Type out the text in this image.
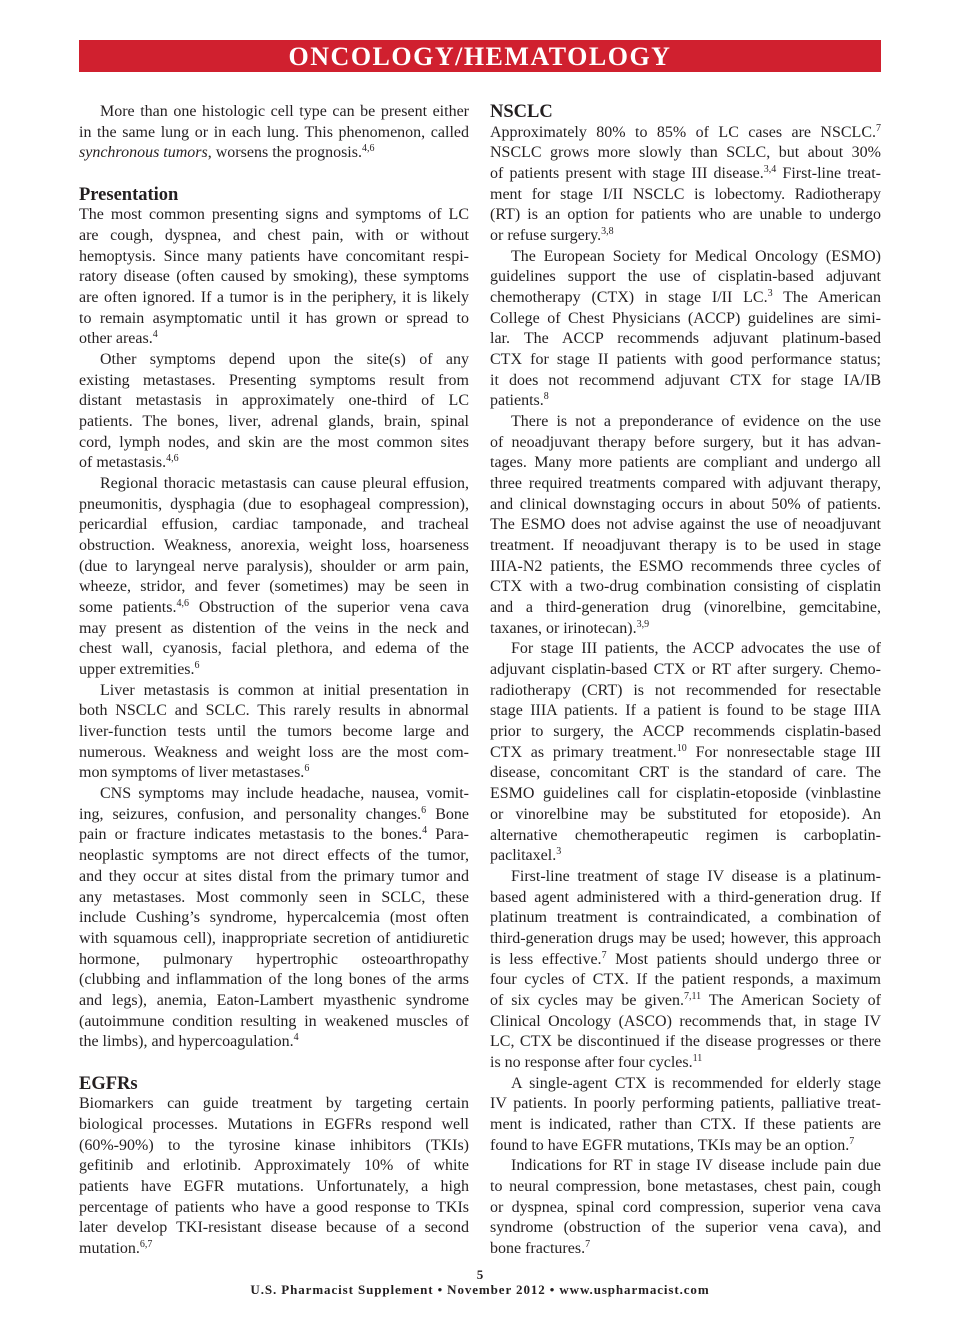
ONCOLOGY/HEMATOLOGY
More than one histologic cell type can be present either
in the same lung or in each lung. This phenomenon, called
synchronous tumors, worsens the prognosis.$^{4,6}$
Presentation
The most common presenting signs and symptoms of LC
are cough, dyspnea, and chest pain, with or without
hemoptysis. Since many patients have concomitant respi-
ratory disease (often caused by smoking), these symptoms
are often ignored. If a tumor is in the periphery, it is likely
to remain asymptomatic until it has grown or spread to
other areas.$^4$
Other symptoms depend upon the site(s) of any
existing metastases. Presenting symptoms result from
distant metastasis in approximately one-third of LC
patients. The bones, liver, adrenal glands, brain, spinal
cord, lymph nodes, and skin are the most common sites
of metastasis.$^{4,6}$
Regional thoracic metastasis can cause pleural effusion,
pneumonitis, dysphagia (due to esophageal compression),
pericardial effusion, cardiac tamponade, and tracheal
obstruction. Weakness, anorexia, weight loss, hoarseness
(due to laryngeal nerve paralysis), shoulder or arm pain,
wheeze, stridor, and fever (sometimes) may be seen in
some patients.$^{4,6}$ Obstruction of the superior vena cava
may present as distention of the veins in the neck and
chest wall, cyanosis, facial plethora, and edema of the
upper extremities.$^6$
Liver metastasis is common at initial presentation in
both NSCLC and SCLC. This rarely results in abnormal
liver-function tests until the tumors become large and
numerous. Weakness and weight loss are the most com-
mon symptoms of liver metastases.$^6$
CNS symptoms may include headache, nausea, vomit-
ing, seizures, confusion, and personality changes.$^6$ Bone
pain or fracture indicates metastasis to the bones.$^4$ Para-
neoplastic symptoms are not direct effects of the tumor,
and they occur at sites distal from the primary tumor and
any metastases. Most commonly seen in SCLC, these
include Cushing’s syndrome, hypercalcemia (most often
with squamous cell), inappropriate secretion of antidiuretic
hormone, pulmonary hypertrophic osteoarthropathy
(clubbing and inflammation of the long bones of the arms
and legs), anemia, Eaton-Lambert myasthenic syndrome
(autoimmune condition resulting in weakened muscles of
the limbs), and hypercoagulation.$^4$
EGFRs
Biomarkers can guide treatment by targeting certain
biological processes. Mutations in EGFRs respond well
(60%-90%) to the tyrosine kinase inhibitors (TKIs)
gefitinib and erlotinib. Approximately 10% of white
patients have EGFR mutations. Unfortunately, a high
percentage of patients who have a good response to TKIs
later develop TKI-resistant disease because of a second
mutation.$^{6,7}$
NSCLC
Approximately 80% to 85% of LC cases are NSCLC.$^7$
NSCLC grows more slowly than SCLC, but about 30%
of patients present with stage III disease.$^{3,4}$ First-line treat-
ment for stage I/II NSCLC is lobectomy. Radiotherapy
(RT) is an option for patients who are unable to undergo
or refuse surgery.$^{3,8}$
The European Society for Medical Oncology (ESMO)
guidelines support the use of cisplatin-based adjuvant
chemotherapy (CTX) in stage I/II LC.$^3$ The American
College of Chest Physicians (ACCP) guidelines are simi-
lar. The ACCP recommends adjuvant platinum-based
CTX for stage II patients with good performance status;
it does not recommend adjuvant CTX for stage IA/IB
patients.$^8$
There is not a preponderance of evidence on the use
of neoadjuvant therapy before surgery, but it has advan-
tages. Many more patients are compliant and undergo all
three required treatments compared with adjuvant therapy,
and clinical downstaging occurs in about 50% of patients.
The ESMO does not advise against the use of neoadjuvant
treatment. If neoadjuvant therapy is to be used in stage
IIIA-N2 patients, the ESMO recommends three cycles of
CTX with a two-drug combination consisting of cisplatin
and a third-generation drug (vinorelbine, gemcitabine,
taxanes, or irinotecan).$^{3,9}$
For stage III patients, the ACCP advocates the use of
adjuvant cisplatin-based CTX or RT after surgery. Chemo-
radiotherapy (CRT) is not recommended for resectable
stage IIIA patients. If a patient is found to be stage IIIA
prior to surgery, the ACCP recommends cisplatin-based
CTX as primary treatment.$^{10}$ For nonresectable stage III
disease, concomitant CRT is the standard of care. The
ESMO guidelines call for cisplatin-etoposide (vinblastine
or vinorelbine may be substituted for etoposide). An
alternative chemotherapeutic regimen is carboplatin-
paclitaxel.$^3$
First-line treatment of stage IV disease is a platinum-
based agent administered with a third-generation drug. If
platinum treatment is contraindicated, a combination of
third-generation drugs may be used; however, this approach
is less effective.$^7$ Most patients should undergo three or
four cycles of CTX. If the patient responds, a maximum
of six cycles may be given.$^{7,11}$ The American Society of
Clinical Oncology (ASCO) recommends that, in stage IV
LC, CTX be discontinued if the disease progresses or there
is no response after four cycles.$^{11}$
A single-agent CTX is recommended for elderly stage
IV patients. In poorly performing patients, palliative treat-
ment is indicated, rather than CTX. If these patients are
found to have EGFR mutations, TKIs may be an option.$^7$
Indications for RT in stage IV disease include pain due
to neural compression, bone metastases, chest pain, cough
or dyspnea, spinal cord compression, superior vena cava
syndrome (obstruction of the superior vena cava), and
bone fractures.$^7$
5
U.S. Pharmacist Supplement • November 2012 • www.uspharmacist.com
